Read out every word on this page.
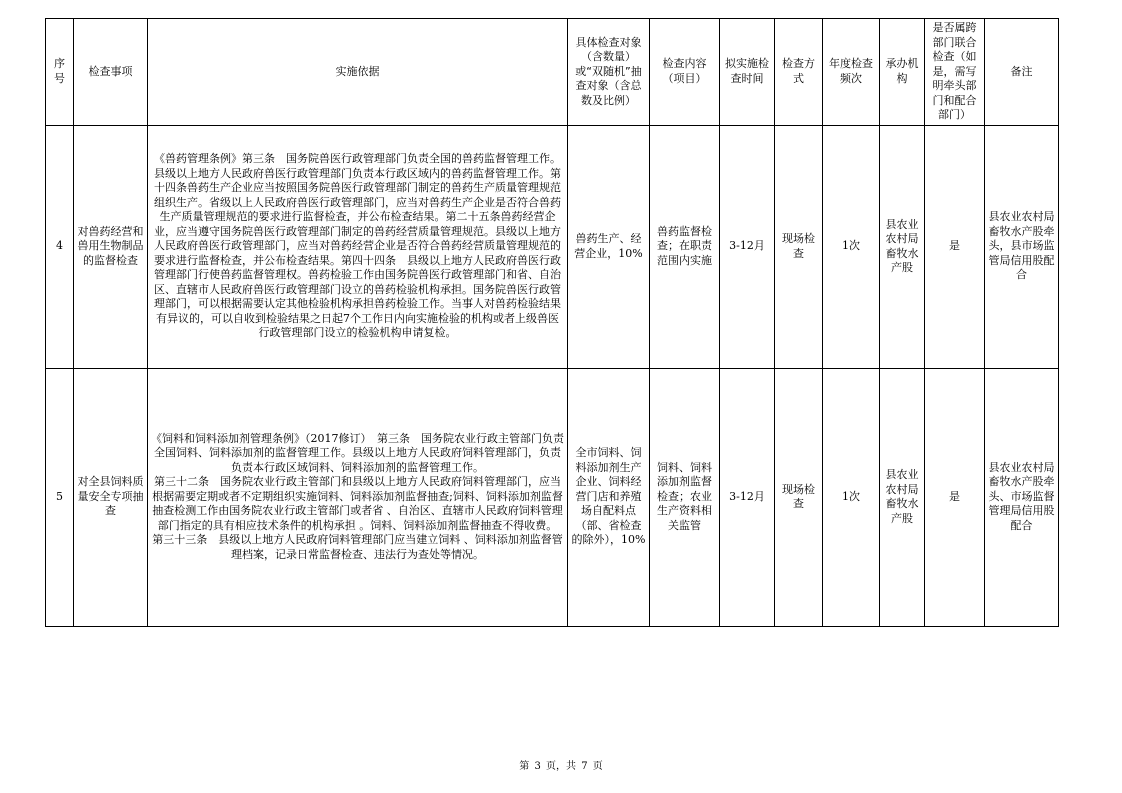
序号	检查事项	实施依据	具体检查对象（含数量）或“双随机”抽查对象（含总数及比例）	检查内容（项目）	拟实施检查时间	检查方式	年度检查频次	承办机构	是否属跨部门联合检查（如是，需写明牵头部门和配合部门）	备注
4	对兽药经营和兽用生物制品的监督检查	《兽药管理条例》第三条　国务院兽医行政管理部门负责全国的兽药监督管理工作。县级以上地方人民政府兽医行政管理部门负责本行政区域内的兽药监督管理工作。第十四条兽药生产企业应当按照国务院兽医行政管理部门制定的兽药生产质量管理规范组织生产。省级以上人民政府兽医行政管理部门，应当对兽药生产企业是否符合兽药生产质量管理规范的要求进行监督检查，并公布检查结果。第二十五条兽药经营企业，应当遵守国务院兽医行政管理部门制定的兽药经营质量管理规范。县级以上地方人民政府兽医行政管理部门，应当对兽药经营企业是否符合兽药经营质量管理规范的要求进行监督检查，并公布检查结果。第四十四条　县级以上地方人民政府兽医行政管理部门行使兽药监督管理权。兽药检验工作由国务院兽医行政管理部门和省、自治区、直辖市人民政府兽医行政管理部门设立的兽药检验机构承担。国务院兽医行政管理部门，可以根据需要认定其他检验机构承担兽药检验工作。当事人对兽药检验结果有异议的，可以自收到检验结果之日起7个工作日内向实施检验的机构或者上级兽医行政管理部门设立的检验机构申请复检。	兽药生产、经营企业，10%	兽药监督检查；在职责范围内实施	3-12月	现场检查	1次	县农业农村局畜牧水产股	是	县农业农村局畜牧水产股牵头，县市场监管局信用股配合
5	对全县饲料质量安全专项抽查	《饲料和饲料添加剂管理条例》（2017修订）　第三条　国务院农业行政主管部门负责全国饲料、饲料添加剂的监督管理工作。县级以上地方人民政府饲料管理部门，负责负责本行政区域饲料、饲料添加剂的监督管理工作。
第三十二条　国务院农业行政主管部门和县级以上地方人民政府饲料管理部门，应当根据需要定期或者不定期组织实施饲料、饲料添加剂监督抽查;饲料、饲料添加剂监督抽查检测工作由国务院农业行政主管部门或者省 、自治区、直辖市人民政府饲料管理部门指定的具有相应技术条件的机构承担 。饲料、饲料添加剂监督抽查不得收费。
第三十三条　县级以上地方人民政府饲料管理部门应当建立饲料 、饲料添加剂监督管理档案，记录日常监督检查、违法行为查处等情况。	全市饲料、饲料添加剂生产企业、饲料经营门店和养殖场自配料点（部、省检查的除外），10%	饲料、饲料添加剂监督检查；农业生产资料相关监管	3-12月	现场检查	1次	县农业农村局畜牧水产股	是	县农业农村局畜牧水产股牵头、市场监督管理局信用股配合
第 3 页，共 7 页
